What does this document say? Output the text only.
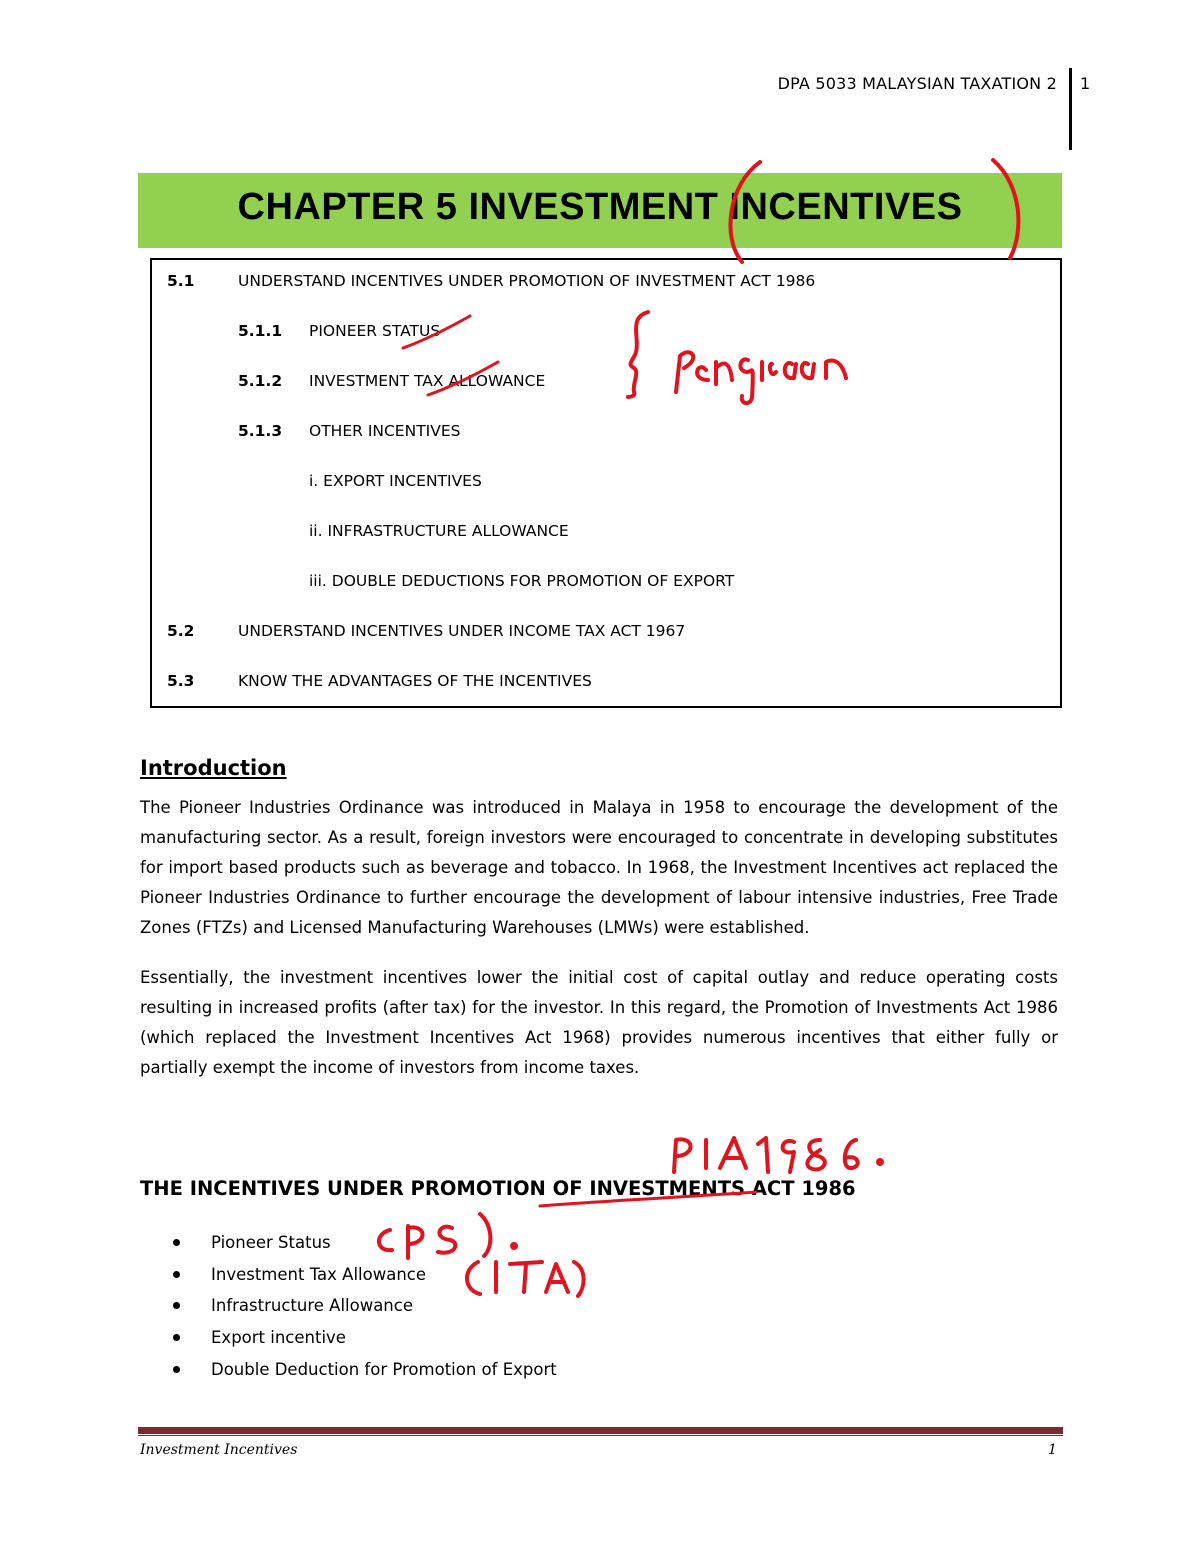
DPA 5033 MALAYSIAN TAXATION 2 1
CHAPTER 5 INVESTMENT INCENTIVES
5.1	UNDERSTAND INCENTIVES UNDER PROMOTION OF INVESTMENT ACT 1986
5.1.1 PIONEER STATUS
5.1.2 INVESTMENT TAX ALLOWANCE
5.1.3 OTHER INCENTIVES
i. EXPORT INCENTIVES
ii. INFRASTRUCTURE ALLOWANCE
iii. DOUBLE DEDUCTIONS FOR PROMOTION OF EXPORT
5.2	UNDERSTAND INCENTIVES UNDER INCOME TAX ACT 1967
5.3	KNOW THE ADVANTAGES OF THE INCENTIVES
Introduction

The Pioneer Industries Ordinance was introduced in Malaya in 1958 to encourage the development of the manufacturing sector. As a result, foreign investors were encouraged to concentrate in developing substitutes for import based products such as beverage and tobacco. In 1968, the Investment Incentives act replaced the Pioneer Industries Ordinance to further encourage the development of labour intensive industries, Free Trade Zones (FTZs) and Licensed Manufacturing Warehouses (LMWs) were established.

Essentially, the investment incentives lower the initial cost of capital outlay and reduce operating costs resulting in increased profits (after tax) for the investor. In this regard, the Promotion of Investments Act 1986 (which replaced the Investment Incentives Act 1968) provides numerous incentives that either fully or partially exempt the income of investors from income taxes.

THE INCENTIVES UNDER PROMOTION OF INVESTMENTS ACT 1986
Pioneer Status
Investment Tax Allowance
Infrastructure Allowance
Export incentive
Double Deduction for Promotion of Export
Investment Incentives	1
